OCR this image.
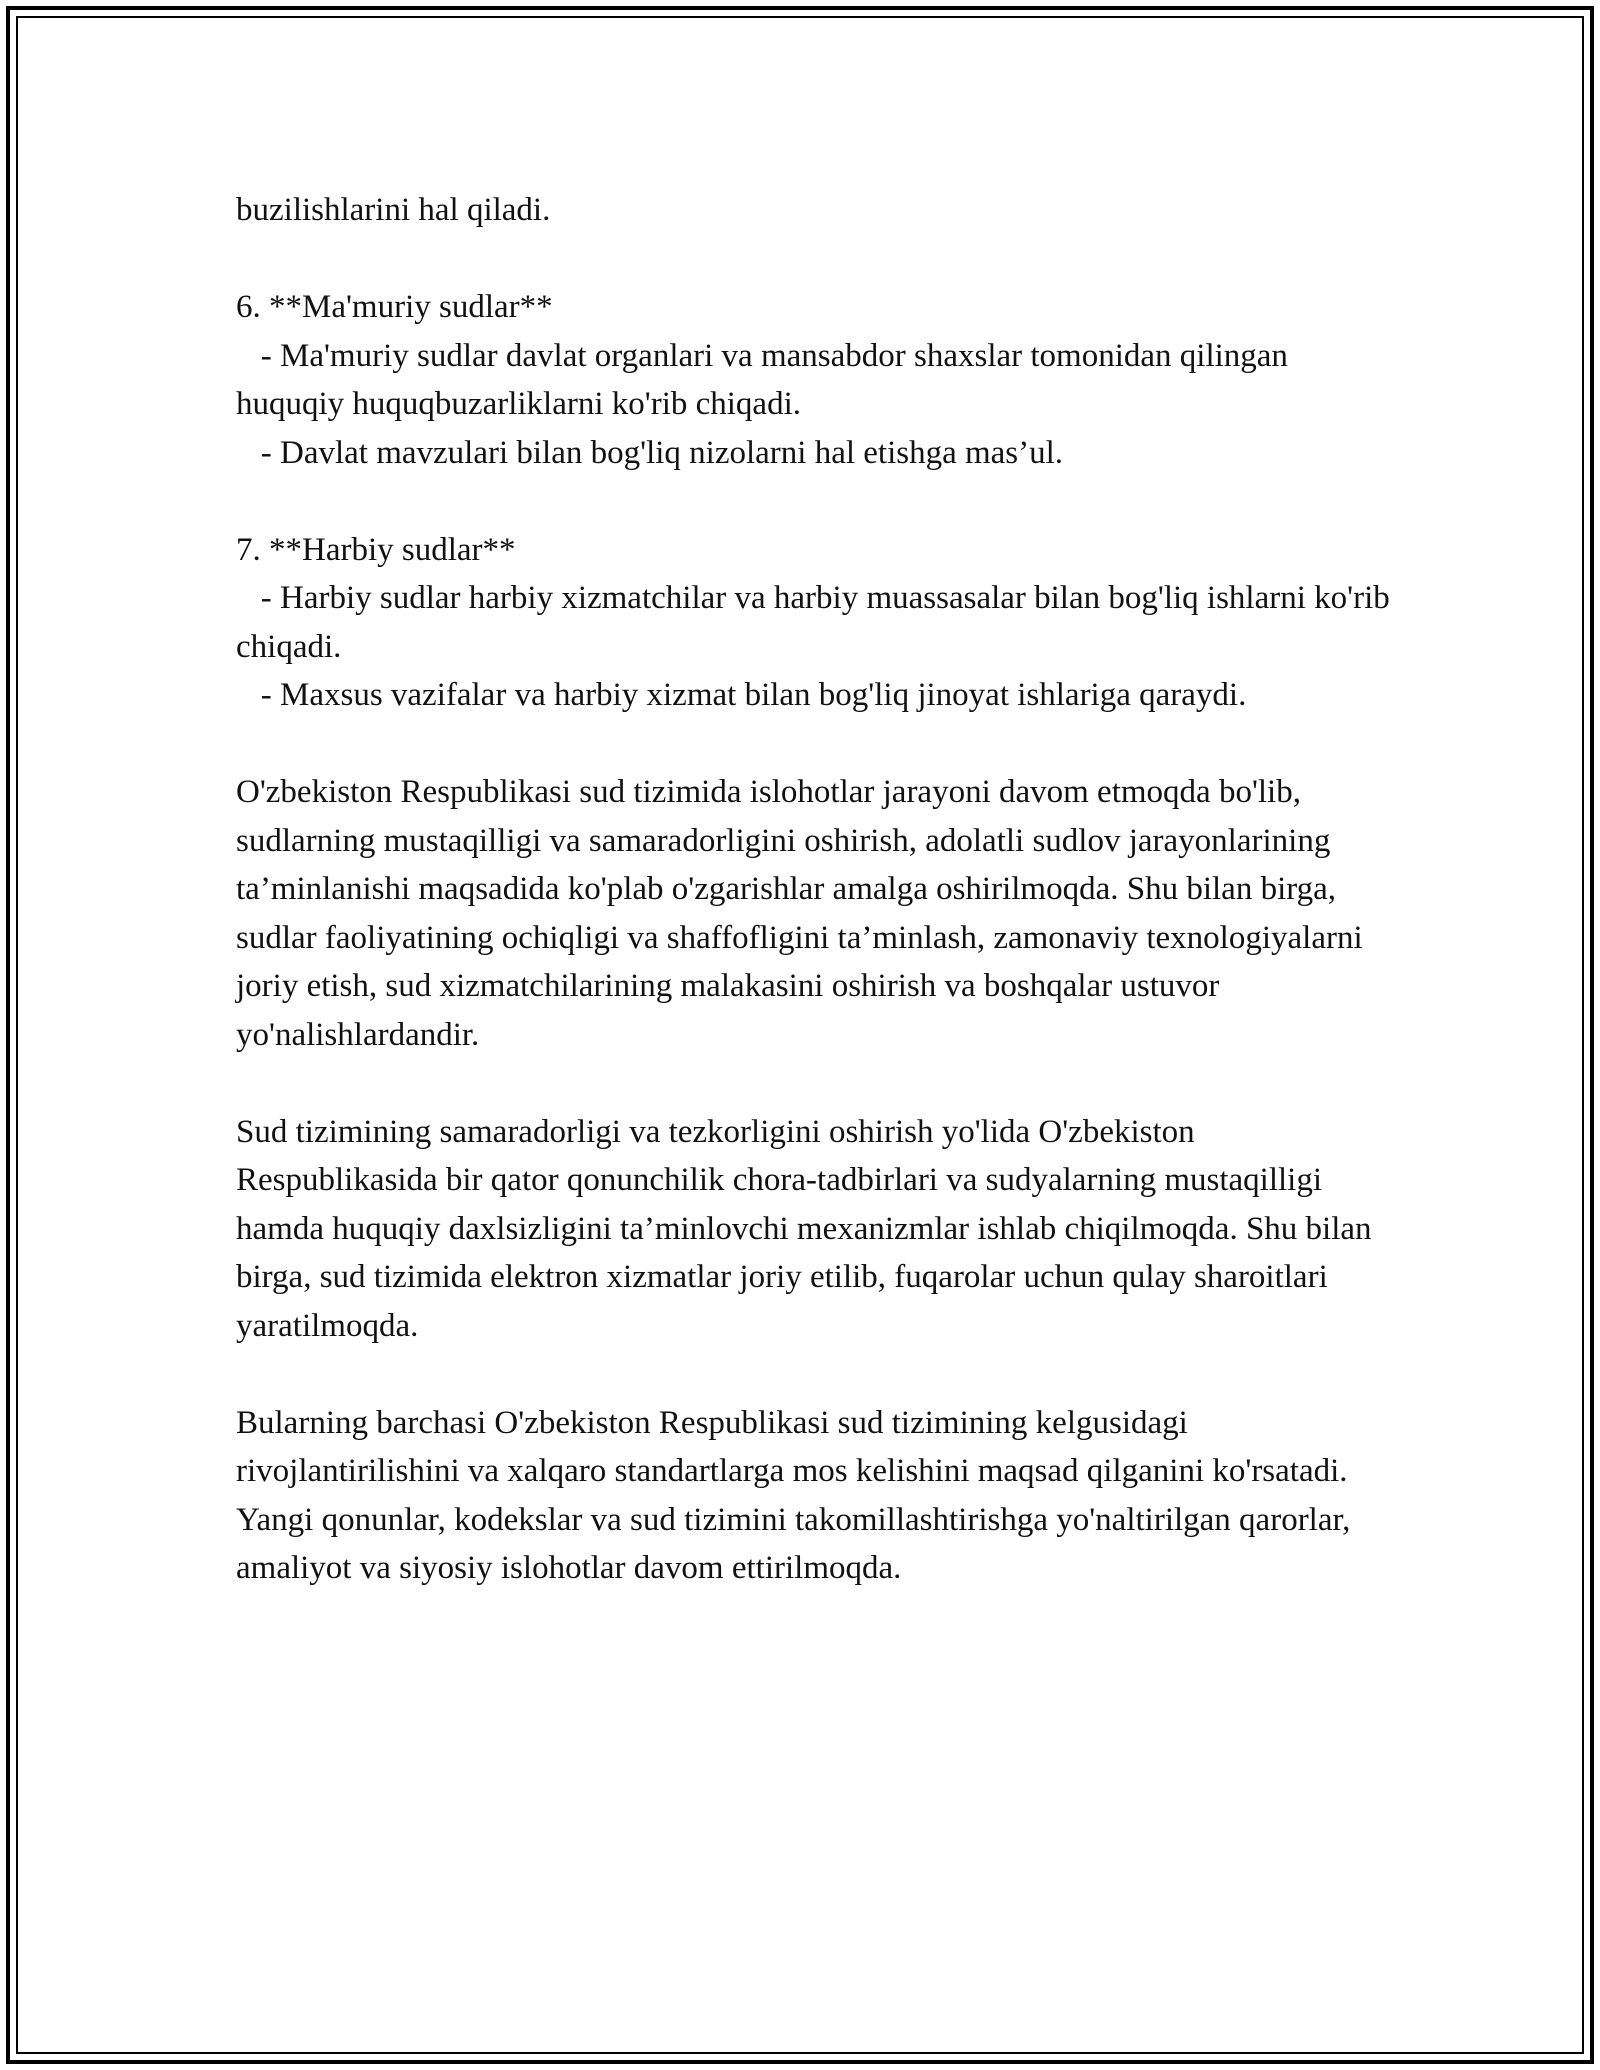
buzilishlarini hal qiladi.

6. **Ma'muriy sudlar**
- Ma'muriy sudlar davlat organlari va mansabdor shaxslar tomonidan qilingan huquqiy huquqbuzarliklarni ko'rib chiqadi.
- Davlat mavzulari bilan bog'liq nizolarni hal etishga mas’ul.

7. **Harbiy sudlar**
- Harbiy sudlar harbiy xizmatchilar va harbiy muassasalar bilan bog'liq ishlarni ko'rib chiqadi.
- Maxsus vazifalar va harbiy xizmat bilan bog'liq jinoyat ishlariga qaraydi.

O'zbekiston Respublikasi sud tizimida islohotlar jarayoni davom etmoqda bo'lib, sudlarning mustaqilligi va samaradorligini oshirish, adolatli sudlov jarayonlarining ta’minlanishi maqsadida ko'plab o'zgarishlar amalga oshirilmoqda. Shu bilan birga, sudlar faoliyatining ochiqligi va shaffofligini ta’minlash, zamonaviy texnologiyalarni joriy etish, sud xizmatchilarining malakasini oshirish va boshqalar ustuvor yo'nalishlardandir.

Sud tizimining samaradorligi va tezkorligini oshirish yo'lida O'zbekiston Respublikasida bir qator qonunchilik chora-tadbirlari va sudyalarning mustaqilligi hamda huquqiy daxlsizligini ta’minlovchi mexanizmlar ishlab chiqilmoqda. Shu bilan birga, sud tizimida elektron xizmatlar joriy etilib, fuqarolar uchun qulay sharoitlari yaratilmoqda.

Bularning barchasi O'zbekiston Respublikasi sud tizimining kelgusidagi rivojlantirilishini va xalqaro standartlarga mos kelishini maqsad qilganini ko'rsatadi. Yangi qonunlar, kodekslar va sud tizimini takomillashtirishga yo'naltirilgan qarorlar, amaliyot va siyosiy islohotlar davom ettirilmoqda.
